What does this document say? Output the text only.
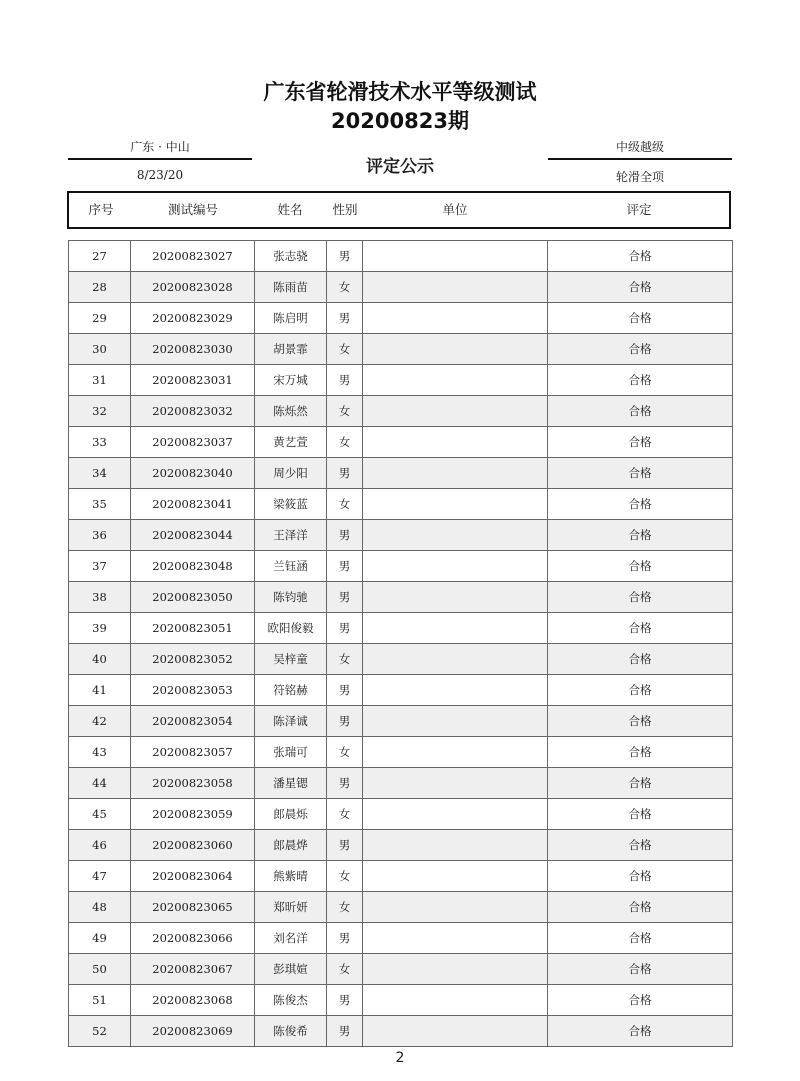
广东省轮滑技术水平等级测试
20200823期
广东 · 中山
8/23/20	评定公示
中级越级
轮滑全项
序号	测试编号	姓名 性别	单位	评定
27	20200823027	张志骁	男		合格
28	20200823028	陈雨苗	女		合格
29	20200823029	陈启明	男		合格
30	20200823030	胡景霏	女		合格
31	20200823031	宋万城	男		合格
32	20200823032	陈烁然	女		合格
33	20200823037	黄艺萱	女		合格
34	20200823040	周少阳	男		合格
35	20200823041	梁筱蓝	女		合格
36	20200823044	王泽洋	男		合格
37	20200823048	兰钰涵	男		合格
38	20200823050	陈钧驰	男		合格
39	20200823051	欧阳俊毅	男		合格
40	20200823052	吴梓童	女		合格
41	20200823053	符铭赫	男		合格
42	20200823054	陈泽诚	男		合格
43	20200823057	张瑞可	女		合格
44	20200823058	潘星锶	男		合格
45	20200823059	郎晨烁	女		合格
46	20200823060	郎晨烨	男		合格
47	20200823064	熊紫晴	女		合格
48	20200823065	郑昕妍	女		合格
49	20200823066	刘名洋	男		合格
50	20200823067	彭琪媗	女		合格
51	20200823068	陈俊杰	男		合格
52	20200823069	陈俊希	男		合格
2
